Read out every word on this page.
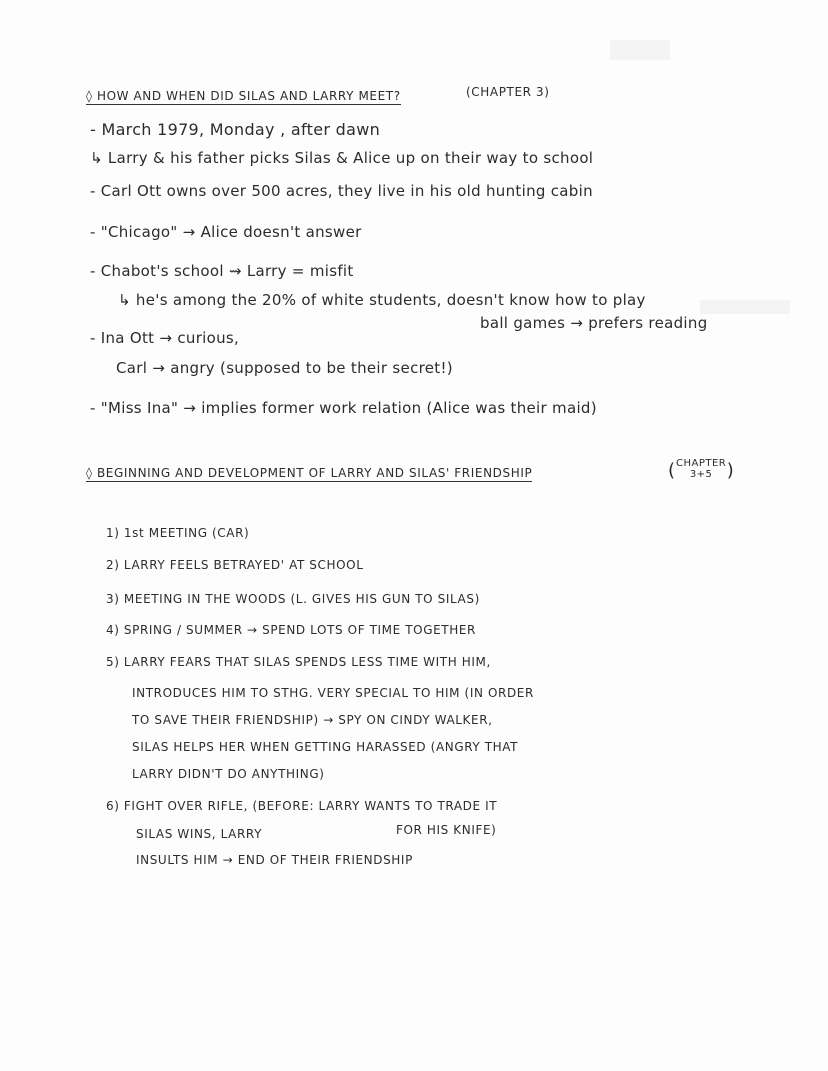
◊ HOW AND WHEN DID SILAS AND LARRY MEET?	(CHAPTER 3)
- March 1979, Monday , after dawn
↳ Larry & his father picks Silas & Alice up on their way to school
- Carl Ott owns over 500 acres, they live in his old hunting cabin
- "Chicago" → Alice doesn't answer
- Chabot's school ⇝ Larry = misfit
↳ he's among the 20% of white students, doesn't know how to play
ball games → prefers reading
- Ina Ott → curious,
Carl → angry (supposed to be their secret!)
- "Miss Ina" → implies former work relation (Alice was their maid)
◊ BEGINNING AND DEVELOPMENT OF LARRY AND SILAS' FRIENDSHIP	( CHAPTER
3+5 )
1) 1st MEETING (CAR)
2) LARRY FEELS BETRAYED' AT SCHOOL
3) MEETING IN THE WOODS (L. GIVES HIS GUN TO SILAS)
4) SPRING / SUMMER → SPEND LOTS OF TIME TOGETHER
5) LARRY FEARS THAT SILAS SPENDS LESS TIME WITH HIM,
INTRODUCES HIM TO STHG. VERY SPECIAL TO HIM (IN ORDER
TO SAVE THEIR FRIENDSHIP) → SPY ON CINDY WALKER,
SILAS HELPS HER WHEN GETTING HARASSED (ANGRY THAT
LARRY DIDN'T DO ANYTHING)
6) FIGHT OVER RIFLE, (BEFORE: LARRY WANTS TO TRADE IT
SILAS WINS, LARRY	FOR HIS KNIFE)
INSULTS HIM → END OF THEIR FRIENDSHIP
